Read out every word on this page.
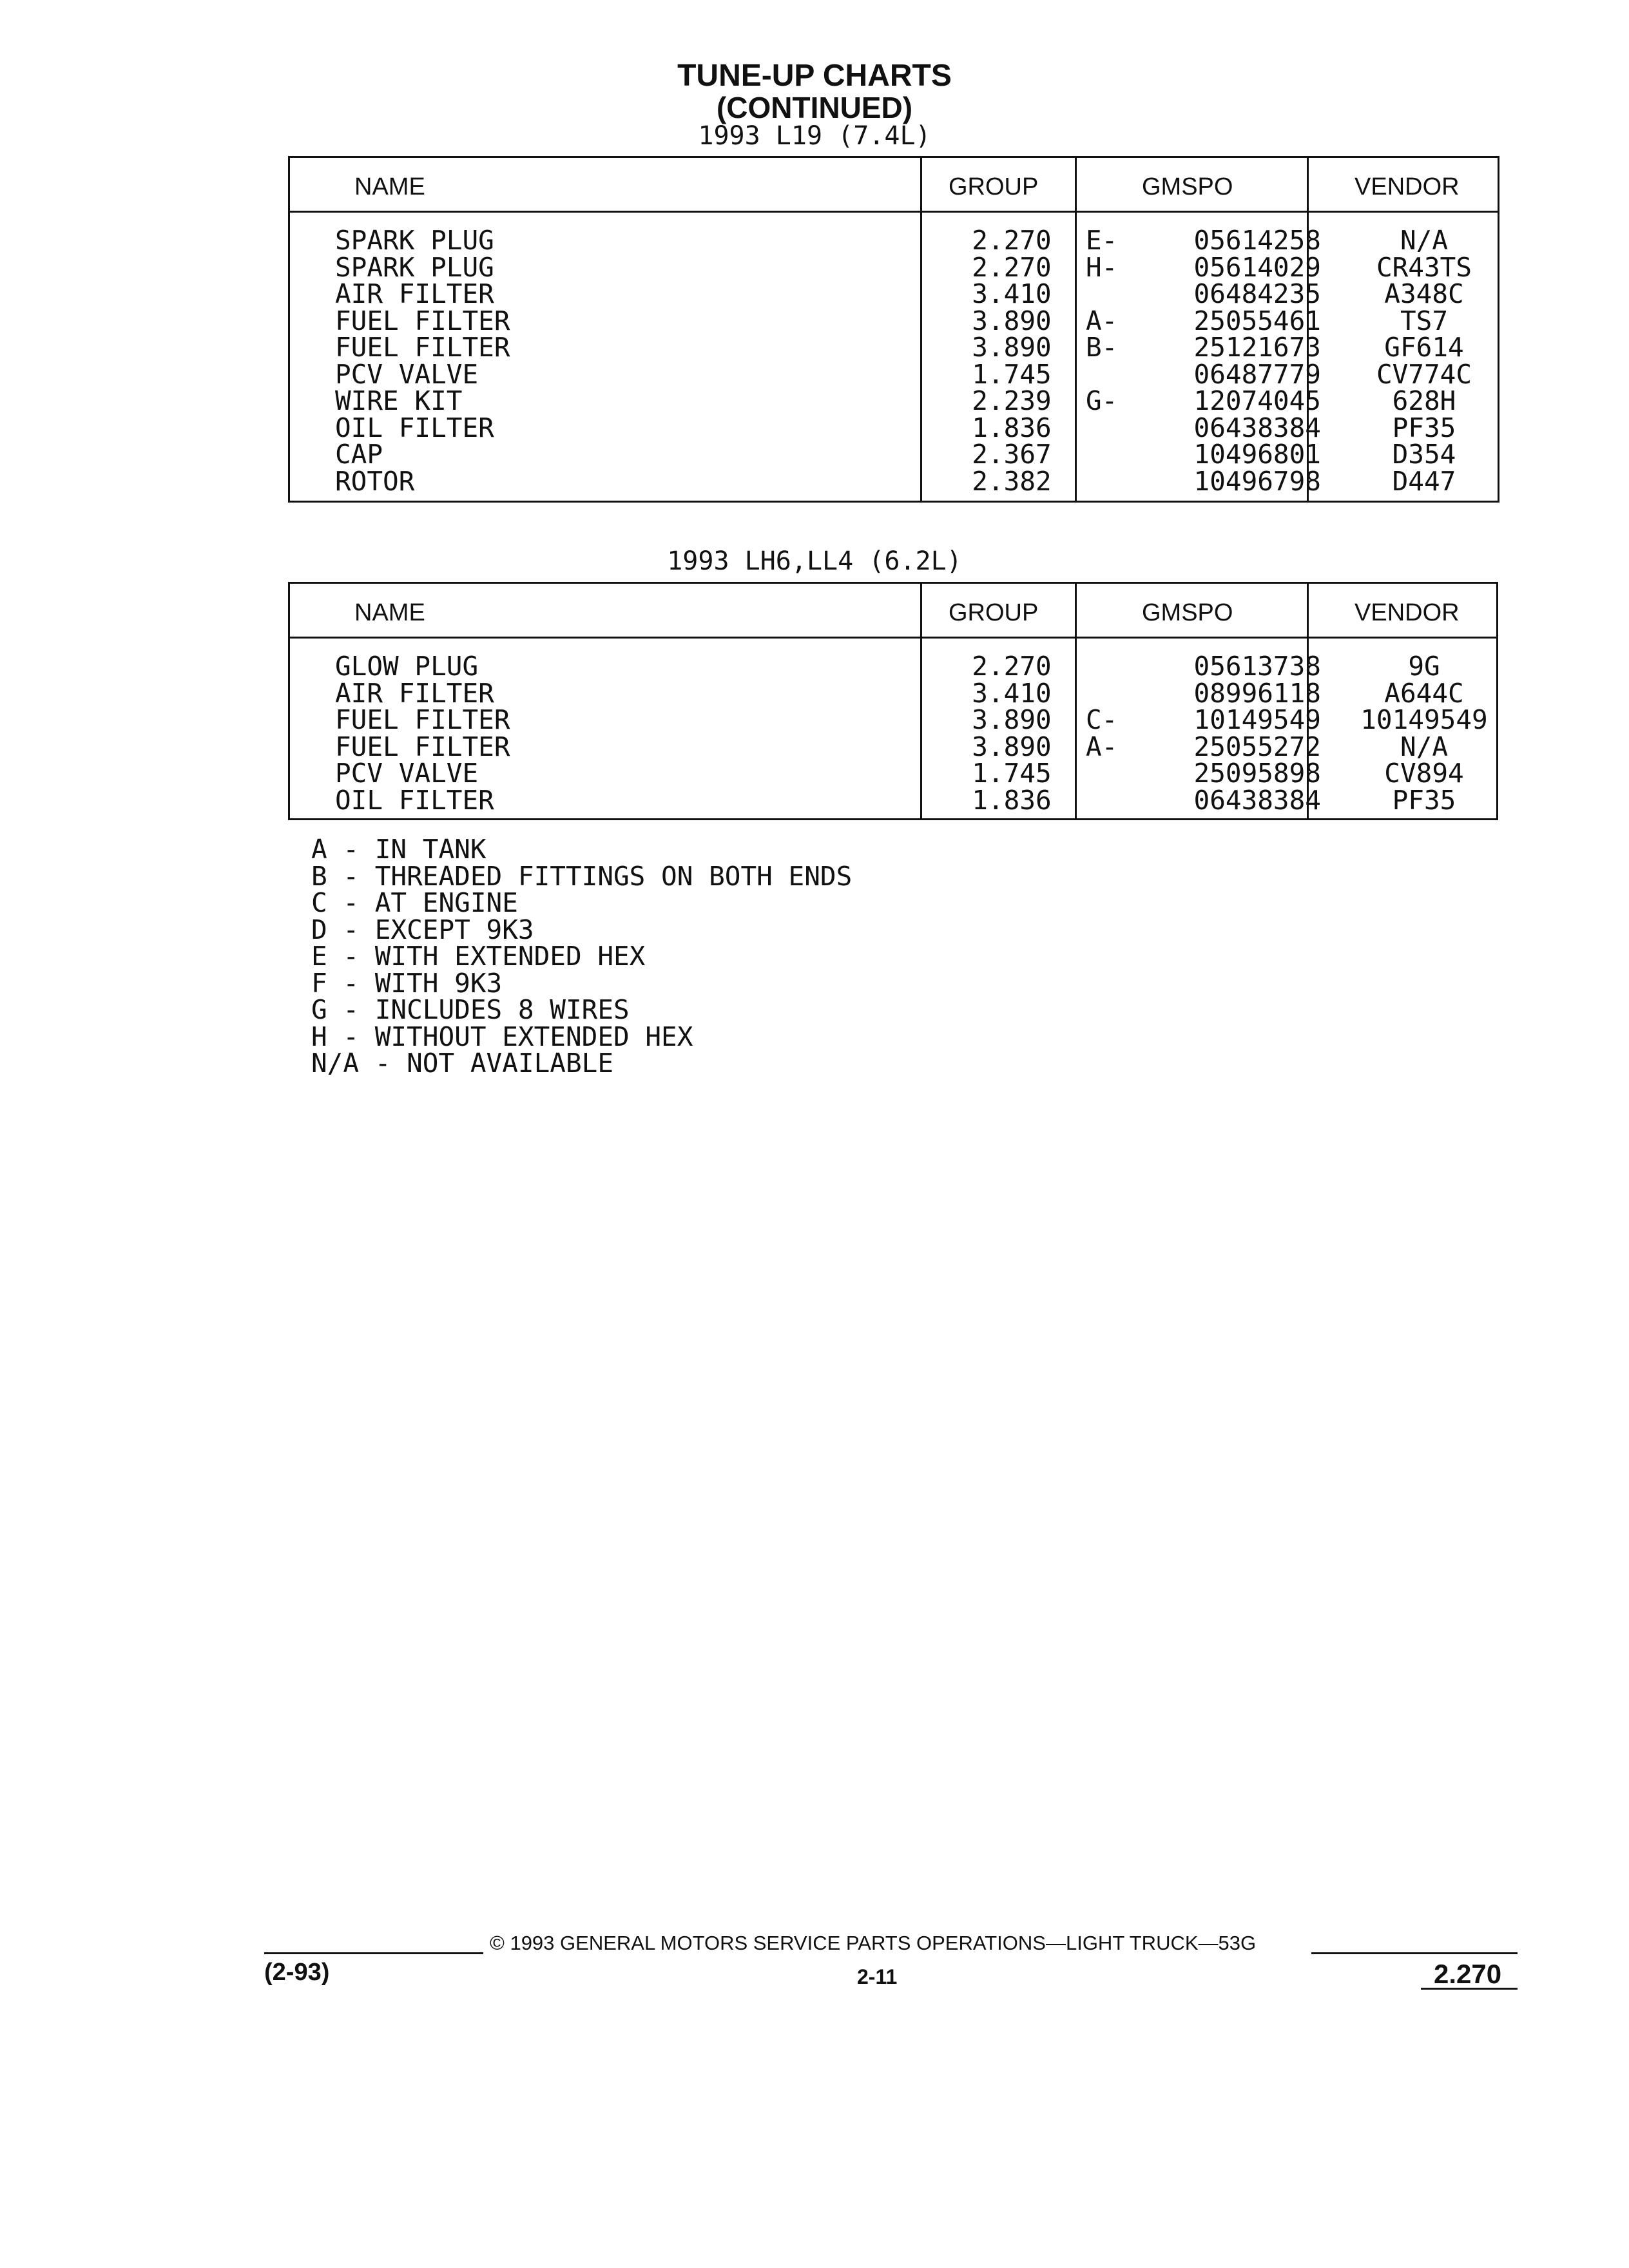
TUNE-UP CHARTS
(CONTINUED)
1993 L19 (7.4L)
NAME	GROUP	GMSPO	VENDOR
SPARK PLUG	2.270	E-	05614258	N/A
SPARK PLUG	2.270	H-	05614029	CR43TS
AIR FILTER	3.410	06484235	A348C
FUEL FILTER	3.890	A-	25055461	TS7
FUEL FILTER	3.890	B-	25121673	GF614
PCV VALVE	1.745	06487779	CV774C
WIRE KIT	2.239	G-	12074045	628H
OIL FILTER	1.836	06438384	PF35
CAP	2.367	10496801	D354
ROTOR	2.382	10496798	D447
1993 LH6,LL4 (6.2L)
NAME	GROUP	GMSPO	VENDOR
GLOW PLUG	2.270	05613738	9G
AIR FILTER	3.410	08996118	A644C
FUEL FILTER	3.890	C-	10149549	10149549
FUEL FILTER	3.890	A-	25055272	N/A
PCV VALVE	1.745	25095898	CV894
OIL FILTER	1.836	06438384	PF35
A - IN TANK
B - THREADED FITTINGS ON BOTH ENDS
C - AT ENGINE
D - EXCEPT 9K3
E - WITH EXTENDED HEX
F - WITH 9K3
G - INCLUDES 8 WIRES
H - WITHOUT EXTENDED HEX
N/A - NOT AVAILABLE
© 1993 GENERAL MOTORS SERVICE PARTS OPERATIONS—LIGHT TRUCK—53G
(2-93)	2-11	2.270
